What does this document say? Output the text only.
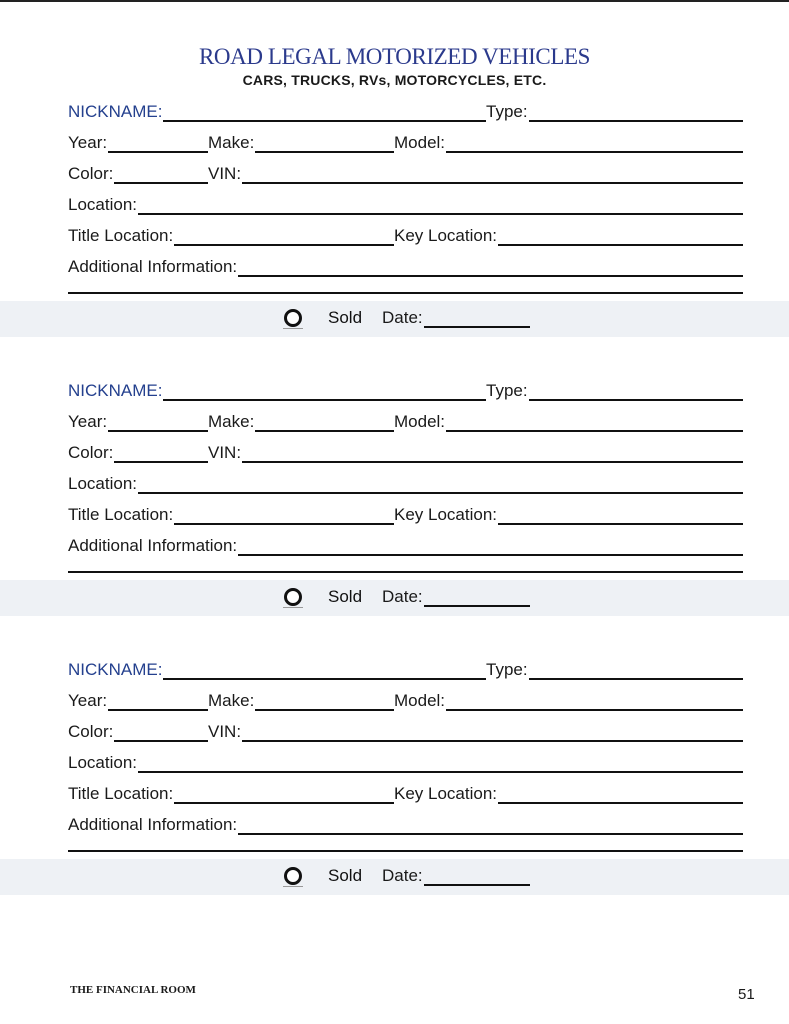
ROAD LEGAL MOTORIZED VEHICLES
CARS, TRUCKS, RVs, MOTORCYCLES, ETC.
NICKNAME:	Type:
Year:	Make:	Model:
Color:	VIN:
Location:
Title Location:	Key Location:
Additional Information:
Sold Date:
NICKNAME:	Type:
Year:	Make:	Model:
Color:	VIN:
Location:
Title Location:	Key Location:
Additional Information:
Sold Date:
NICKNAME:	Type:
Year:	Make:	Model:
Color:	VIN:
Location:
Title Location:	Key Location:
Additional Information:
Sold Date:
THE FINANCIAL ROOM	51
